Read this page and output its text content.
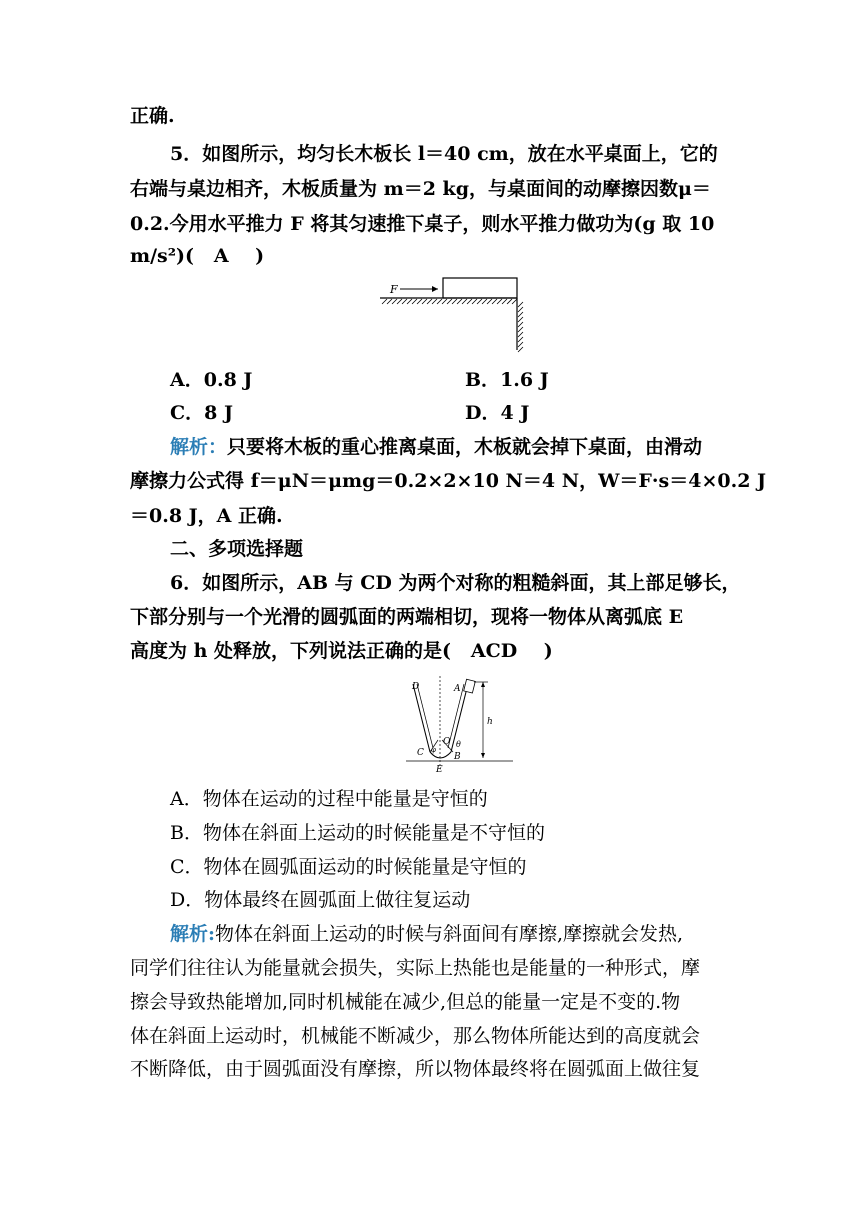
正确.
5．如图所示，均匀长木板长 l＝40 cm，放在水平桌面上，它的
右端与桌边相齐，木板质量为 m＝2 kg，与桌面间的动摩擦因数μ＝
0.2.今用水平推力 F 将其匀速推下桌子，则水平推力做功为(g 取 10
m/s²)( A )
F
A．0.8 J	B．1.6 J
C．8 J	D．4 J
解析：只要将木板的重心推离桌面，木板就会掉下桌面，由滑动
摩擦力公式得 f＝μN＝μmg＝0.2×2×10 N＝4 N，W＝F·s＝4×0.2 J
＝0.8 J，A 正确.
二、多项选择题
6．如图所示，AB 与 CD 为两个对称的粗糙斜面，其上部足够长，
下部分别与一个光滑的圆弧面的两端相切，现将一物体从离弧底 E
高度为 h 处释放，下列说法正确的是( ACD )
D	A
h
O θ
C φ
B
E
A．物体在运动的过程中能量是守恒的
B．物体在斜面上运动的时候能量是不守恒的
C．物体在圆弧面运动的时候能量是守恒的
D．物体最终在圆弧面上做往复运动
解析:物体在斜面上运动的时候与斜面间有摩擦,摩擦就会发热,
同学们往往认为能量就会损失，实际上热能也是能量的一种形式，摩
擦会导致热能增加,同时机械能在减少,但总的能量一定是不变的.物
体在斜面上运动时，机械能不断减少，那么物体所能达到的高度就会
不断降低，由于圆弧面没有摩擦，所以物体最终将在圆弧面上做往复
